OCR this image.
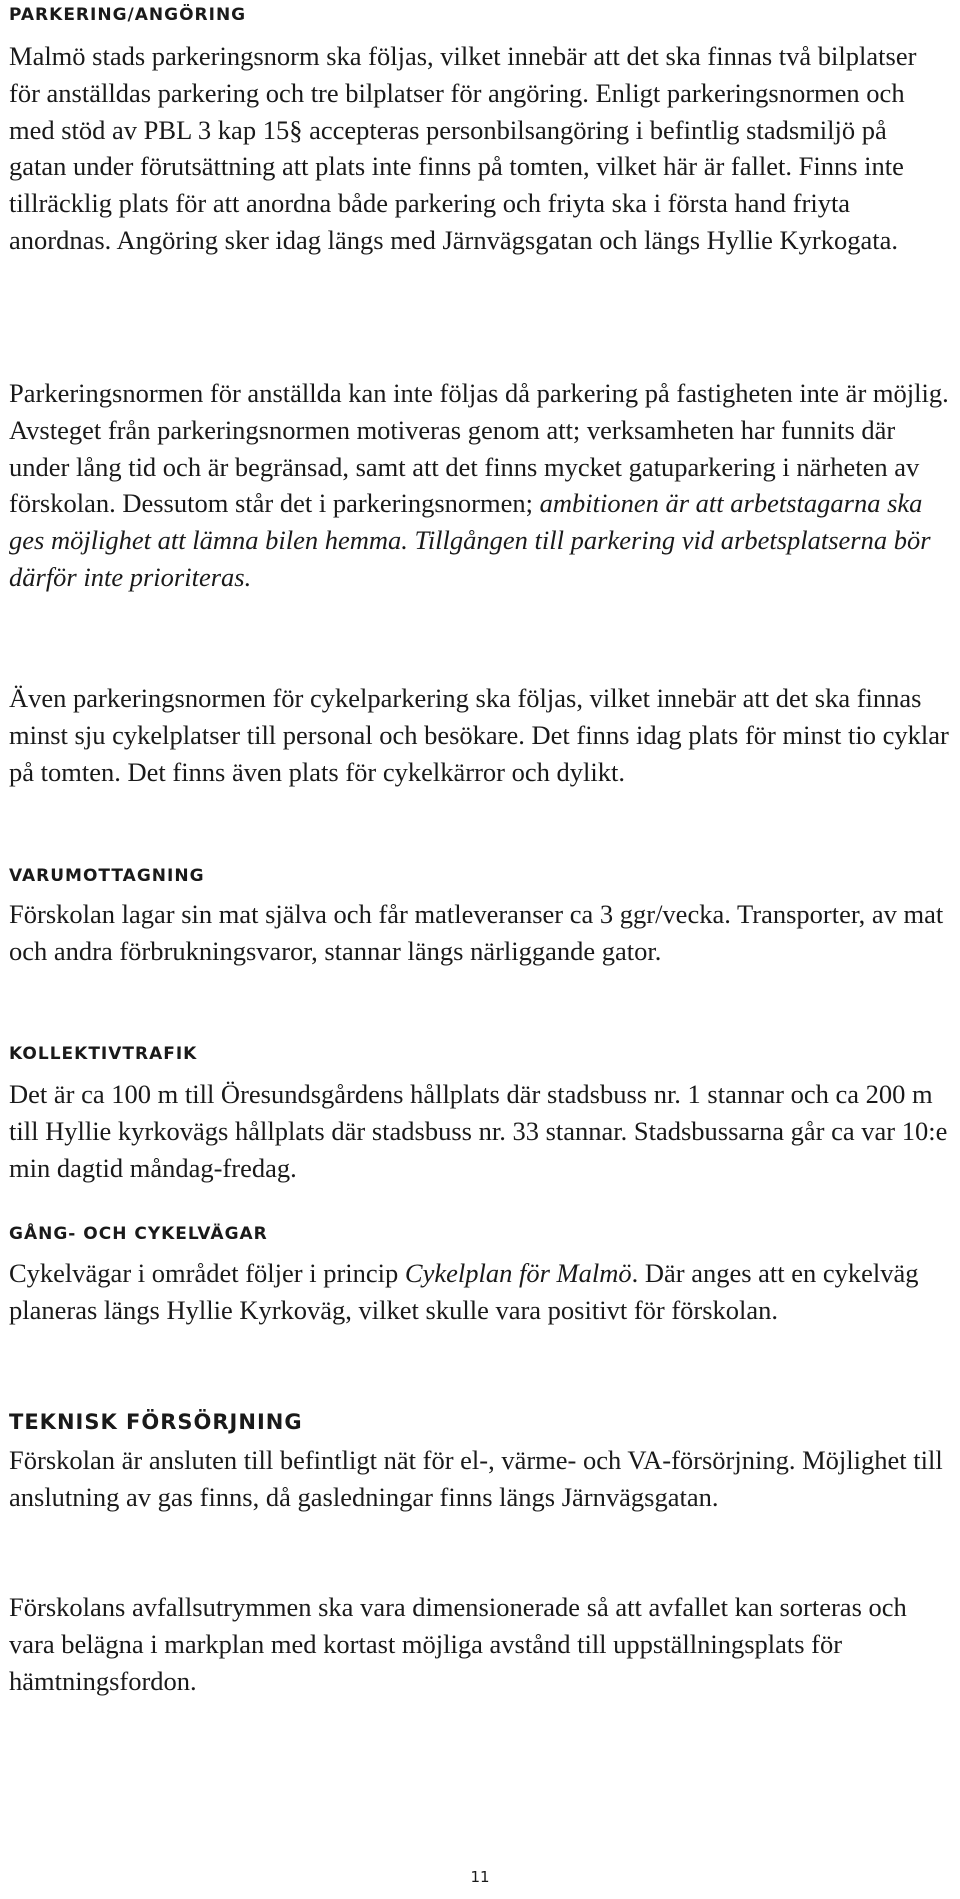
PARKERING/ANGÖRING

Malmö stads parkeringsnorm ska följas, vilket innebär att det ska finnas två bilplatser för anställdas parkering och tre bilplatser för angöring. Enligt parkeringsnormen och med stöd av PBL 3 kap 15§ accepteras personbilsangöring i befintlig stadsmiljö på gatan under förutsättning att plats inte finns på tomten, vilket här är fallet. Finns inte tillräcklig plats för att anordna både parkering och friyta ska i första hand friyta anordnas. Angöring sker idag längs med Järnvägsgatan och längs Hyllie Kyrkogata.

Parkeringsnormen för anställda kan inte följas då parkering på fastigheten inte är möjlig. Avsteget från parkeringsnormen motiveras genom att; verksamheten har funnits där under lång tid och är begränsad, samt att det finns mycket gatuparkering i närheten av förskolan. Dessutom står det i parkeringsnormen; ambitionen är att arbetstagarna ska ges möjlighet att lämna bilen hemma. Tillgången till parkering vid arbetsplatserna bör därför inte prioriteras.

Även parkeringsnormen för cykelparkering ska följas, vilket innebär att det ska finnas minst sju cykelplatser till personal och besökare. Det finns idag plats för minst tio cyklar på tomten. Det finns även plats för cykelkärror och dylikt.

VARUMOTTAGNING

Förskolan lagar sin mat själva och får matleveranser ca 3 ggr/vecka. Transporter, av mat och andra förbrukningsvaror, stannar längs närliggande gator.

KOLLEKTIVTRAFIK

Det är ca 100 m till Öresundsgårdens hållplats där stadsbuss nr. 1 stannar och ca 200 m till Hyllie kyrkovägs hållplats där stadsbuss nr. 33 stannar. Stadsbussarna går ca var 10:e min dagtid måndag-fredag.

GÅNG- OCH CYKELVÄGAR

Cykelvägar i området följer i princip Cykelplan för Malmö. Där anges att en cykelväg planeras längs Hyllie Kyrkoväg, vilket skulle vara positivt för förskolan.

TEKNISK FÖRSÖRJNING

Förskolan är ansluten till befintligt nät för el-, värme- och VA-försörjning. Möjlighet till anslutning av gas finns, då gasledningar finns längs Järnvägsgatan.

Förskolans avfallsutrymmen ska vara dimensionerade så att avfallet kan sorteras och vara belägna i markplan med kortast möjliga avstånd till uppställningsplats för hämtningsfordon.

11
